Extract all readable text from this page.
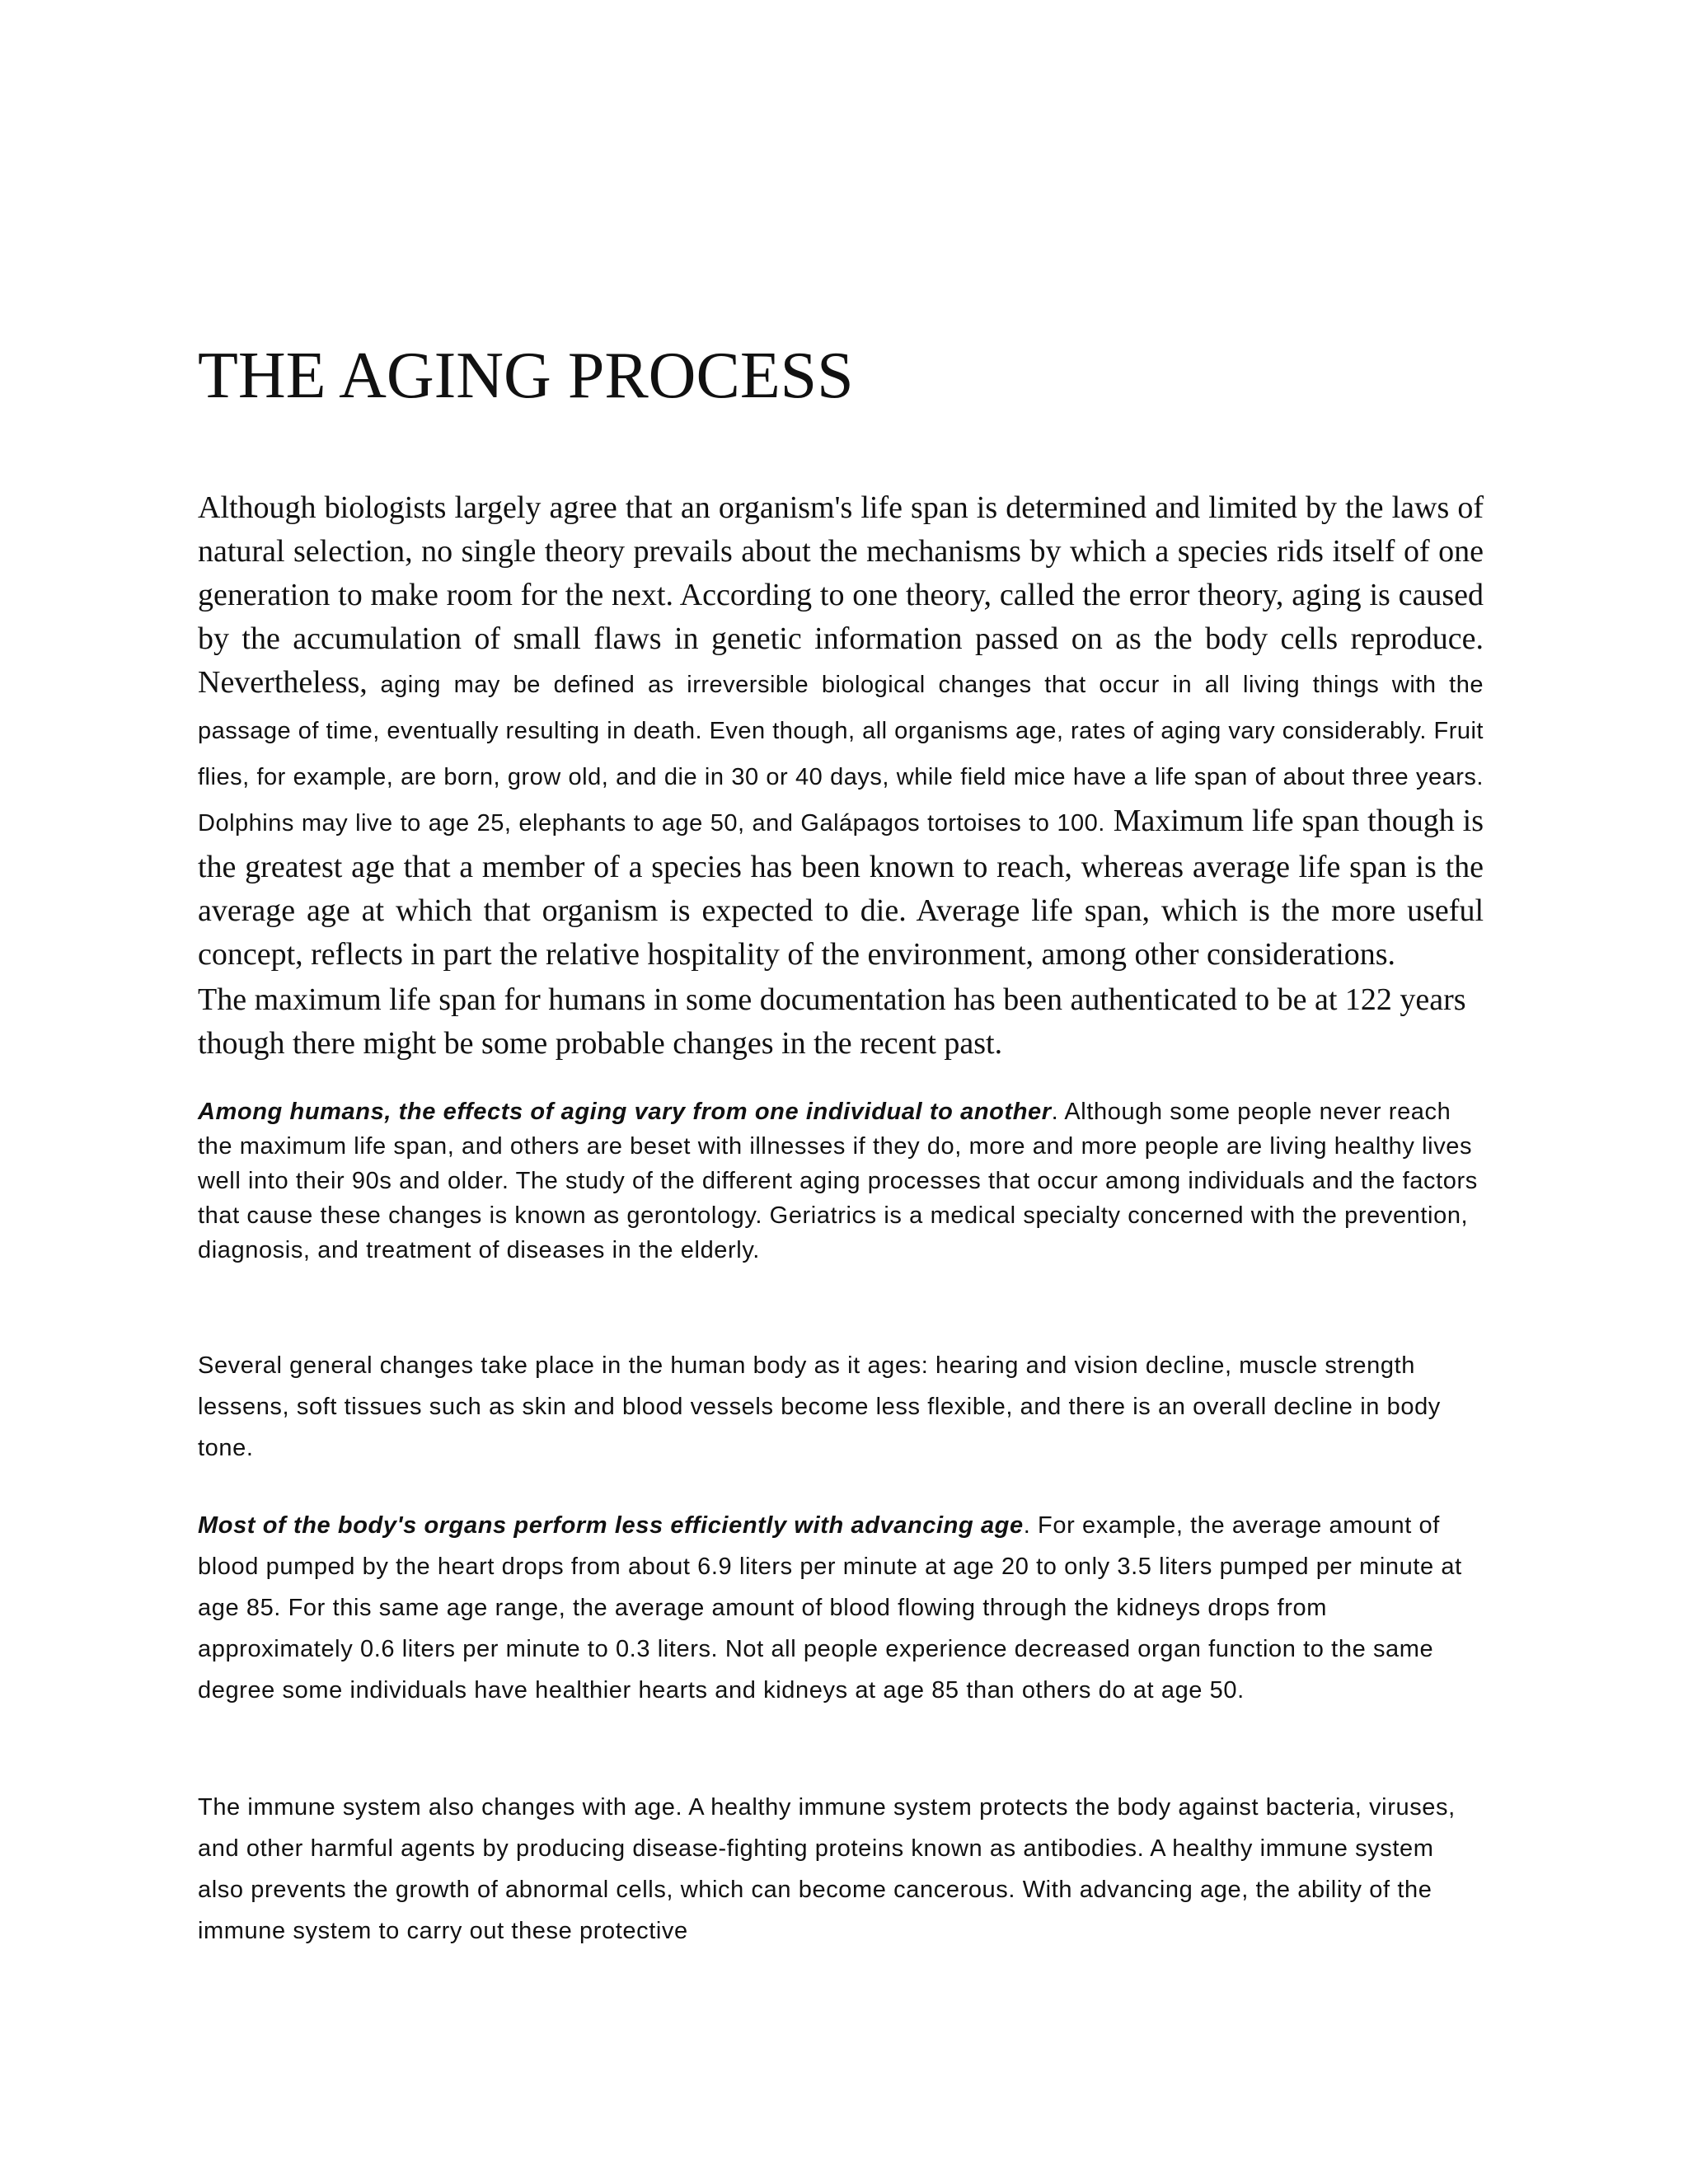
THE AGING PROCESS

Although biologists largely agree that an organism's life span is determined and limited by the laws of natural selection, no single theory prevails about the mechanisms by which a species rids itself of one generation to make room for the next. According to one theory, called the error theory, aging is caused by the accumulation of small flaws in genetic information passed on as the body cells reproduce. Nevertheless, aging may be defined as irreversible biological changes that occur in all living things with the passage of time, eventually resulting in death. Even though, all organisms age, rates of aging vary considerably. Fruit flies, for example, are born, grow old, and die in 30 or 40 days, while field mice have a life span of about three years. Dolphins may live to age 25, elephants to age 50, and Galápagos tortoises to 100. Maximum life span though is the greatest age that a member of a species has been known to reach, whereas average life span is the average age at which that organism is expected to die. Average life span, which is the more useful concept, reflects in part the relative hospitality of the environment, among other considerations.

The maximum life span for humans in some documentation has been authenticated to be at 122 years though there might be some probable changes in the recent past.

Among humans, the effects of aging vary from one individual to another. Although some people never reach the maximum life span, and others are beset with illnesses if they do, more and more people are living healthy lives well into their 90s and older. The study of the different aging processes that occur among individuals and the factors that cause these changes is known as gerontology. Geriatrics is a medical specialty concerned with the prevention, diagnosis, and treatment of diseases in the elderly.

Several general changes take place in the human body as it ages: hearing and vision decline, muscle strength lessens, soft tissues such as skin and blood vessels become less flexible, and there is an overall decline in body tone.

Most of the body's organs perform less efficiently with advancing age. For example, the average amount of blood pumped by the heart drops from about 6.9 liters per minute at age 20 to only 3.5 liters pumped per minute at age 85. For this same age range, the average amount of blood flowing through the kidneys drops from approximately 0.6 liters per minute to 0.3 liters. Not all people experience decreased organ function to the same degree some individuals have healthier hearts and kidneys at age 85 than others do at age 50.

The immune system also changes with age. A healthy immune system protects the body against bacteria, viruses, and other harmful agents by producing disease-fighting proteins known as antibodies. A healthy immune system also prevents the growth of abnormal cells, which can become cancerous. With advancing age, the ability of the immune system to carry out these protective
